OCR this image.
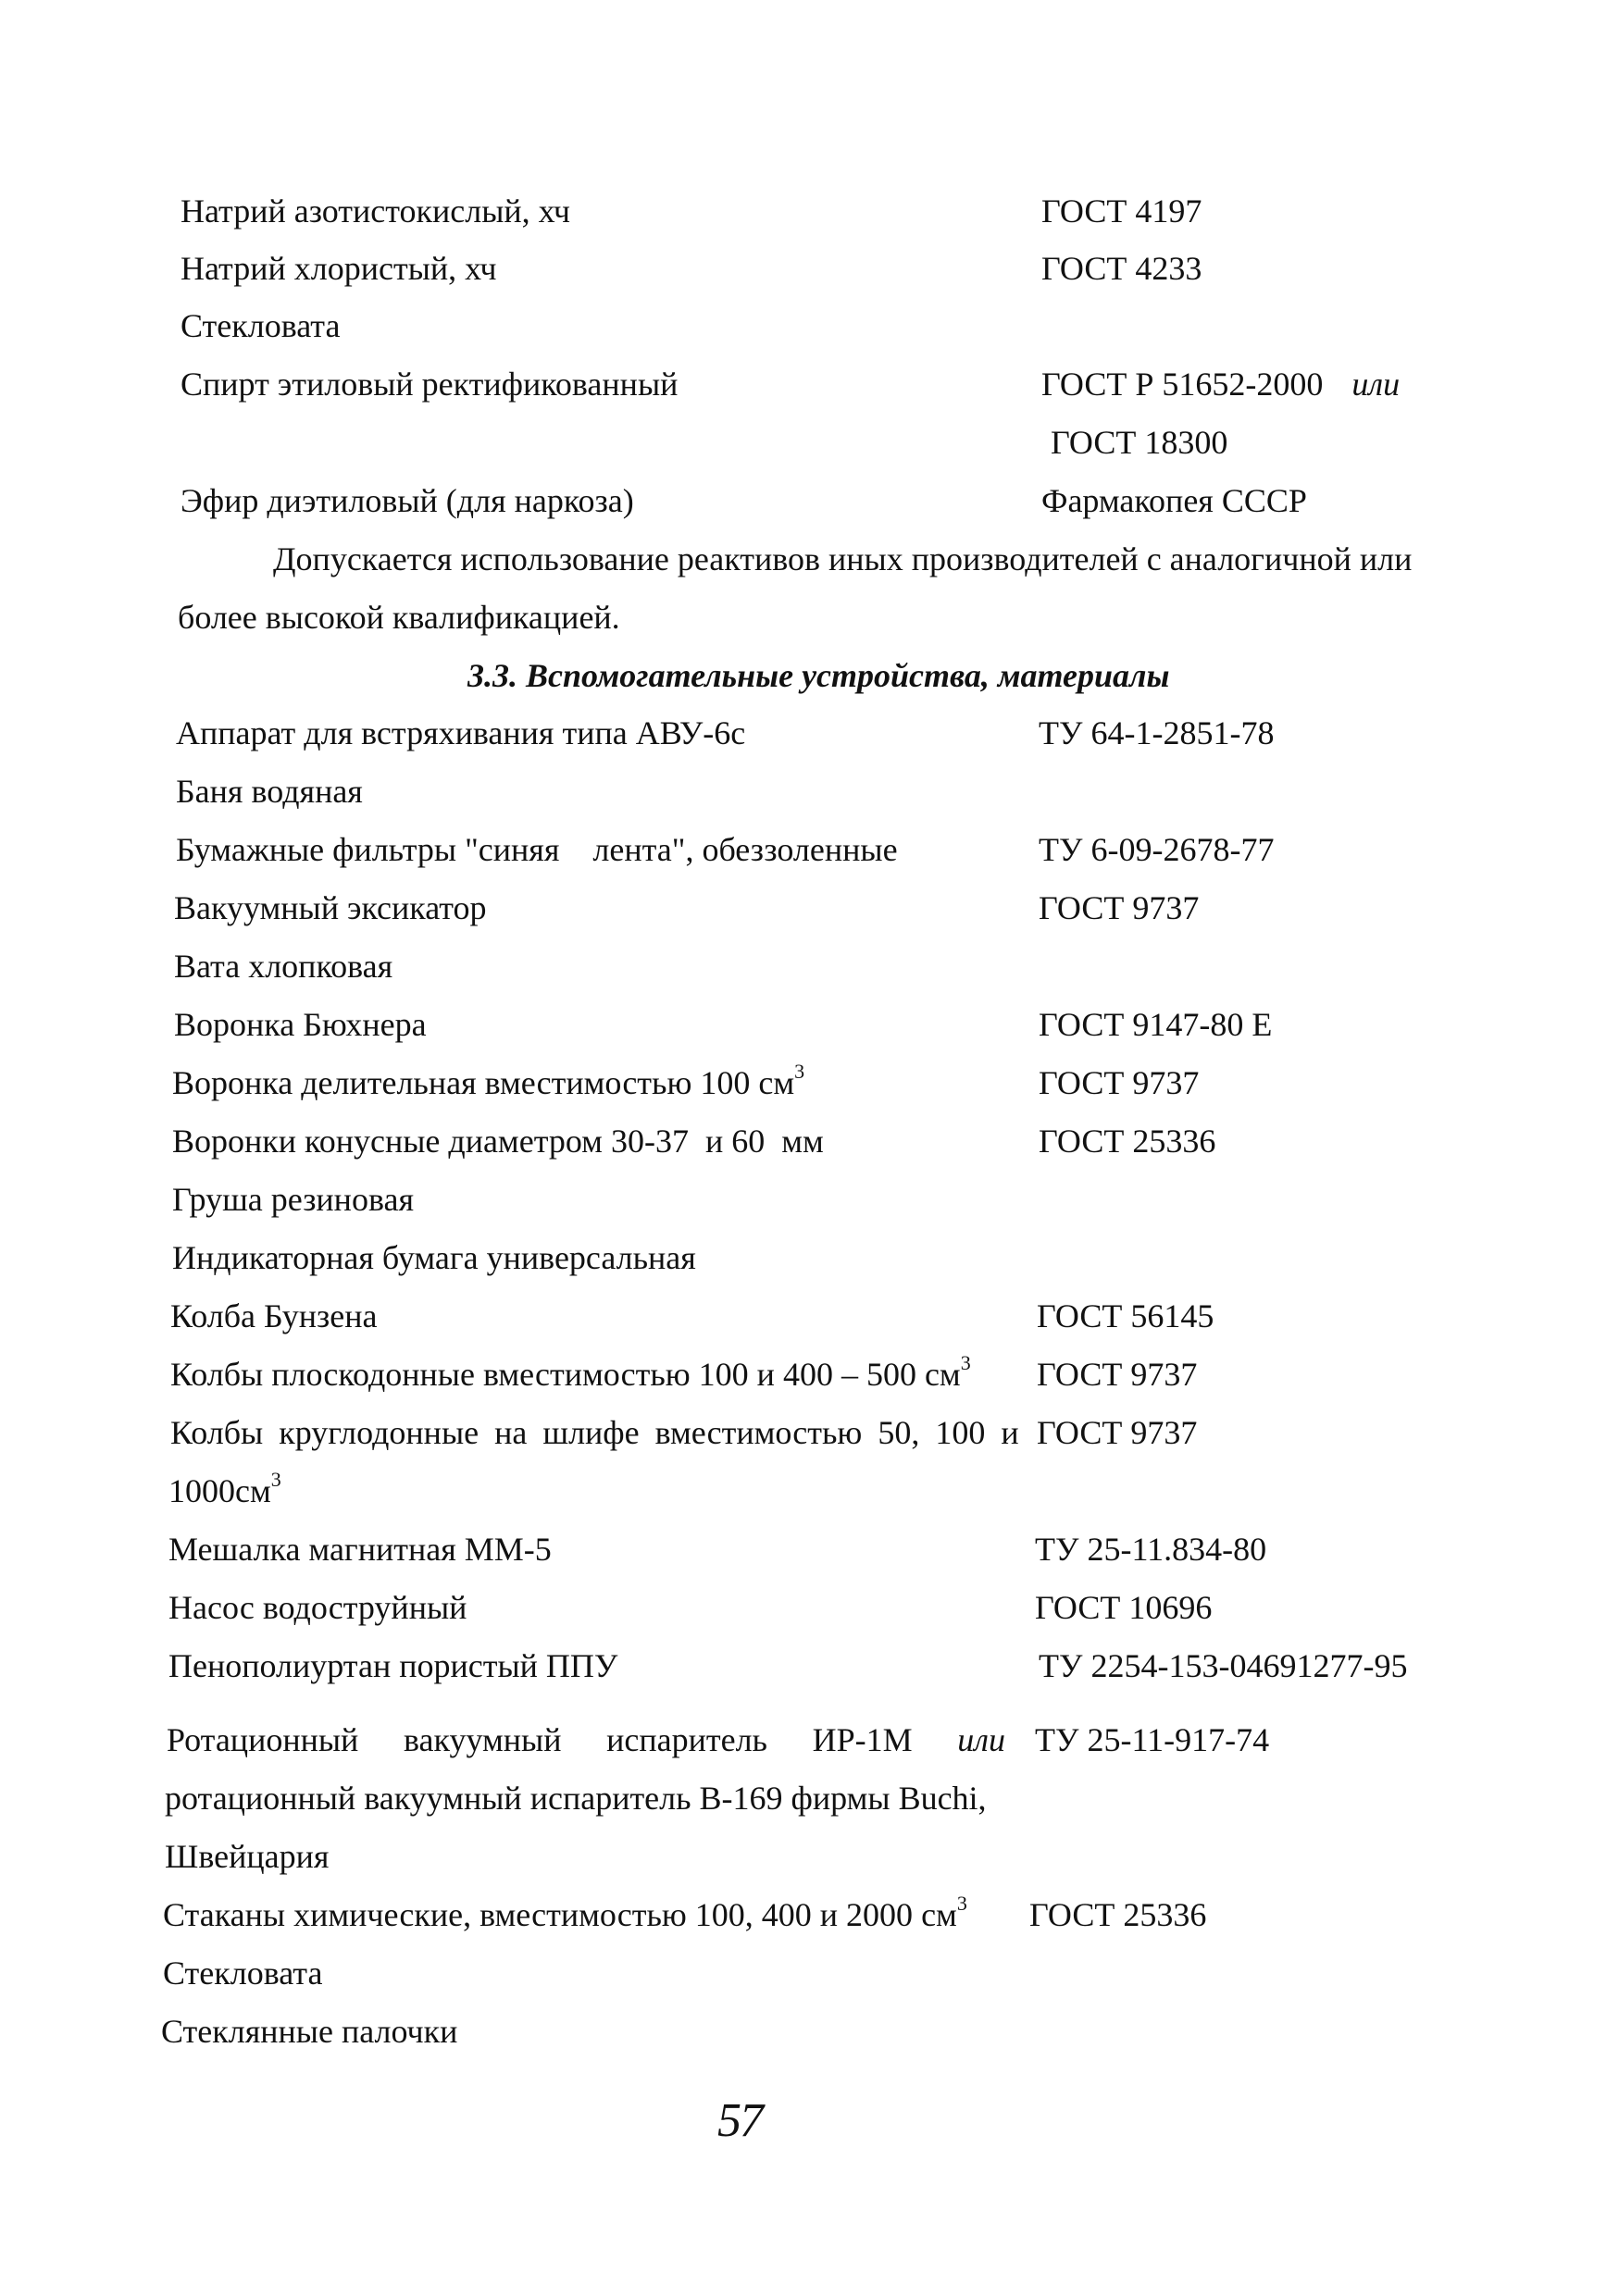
Натрий азотистокислый, хч	ГОСТ 4197
Натрий хлористый, хч	ГОСТ 4233
Стекловата
Спирт этиловый ректификованный	ГОСТ Р 51652-2000 или
ГОСТ 18300
Эфир диэтиловый (для наркоза)	Фармакопея СССР
Допускается использование реактивов иных производителей с аналогичной или
более высокой квалификацией.
3.3. Вспомогательные устройства, материалы
Аппарат для встряхивания типа АВУ-6с	ТУ 64-1-2851-78
Баня водяная
Бумажные фильтры "синяя    лента", обеззоленные	ТУ 6-09-2678-77
Вакуумный эксикатор	ГОСТ 9737
Вата хлопковая
Воронка Бюхнера	ГОСТ 9147-80 Е
Воронка делительная вместимостью 100 $см^3$	ГОСТ 9737
Воронки конусные диаметром 30-37  и 60  мм	ГОСТ 25336
Груша резиновая
Индикаторная бумага универсальная
Колба Бунзена	ГОСТ 56145
Колбы плоскодонные вместимостью 100 и 400 – 500 $см^3$ ГОСТ 9737
Колбы круглодонные на шлифе вместимостью 50, 100 и ГОСТ 9737
$1000см^3$
Мешалка магнитная ММ-5	ТУ 25-11.834-80
Насос водоструйный	ГОСТ 10696
Пенополиуртан пористый ППУ	ТУ 2254-153-04691277-95
Ротационный вакуумный испаритель ИР-1М или ТУ 25-11-917-74
ротационный вакуумный испаритель В-169 фирмы Buchi,
Швейцария
Стаканы химические, вместимостью 100, 400 и 2000 $см^3$ ГОСТ 25336
Стекловата
Стеклянные палочки
57
